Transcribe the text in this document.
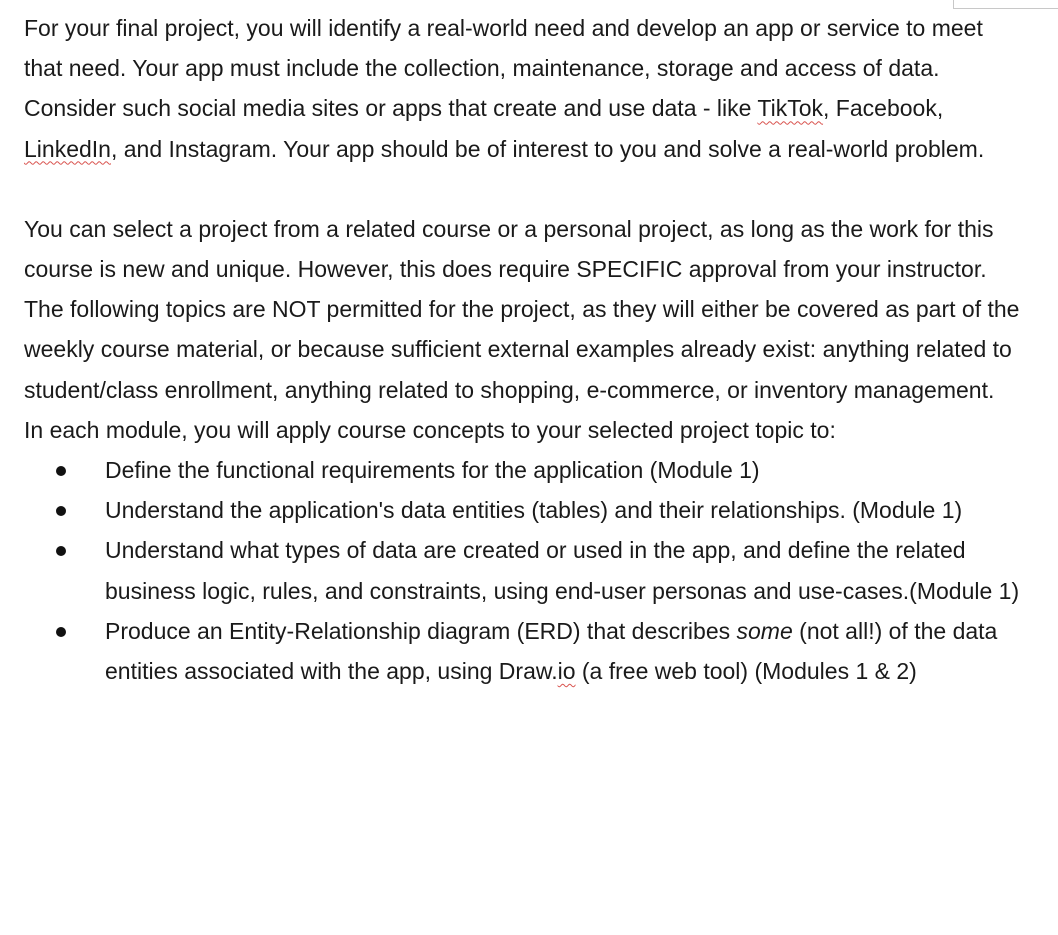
For your final project, you will identify a real-world need and develop an app or service to meet that need. Your app must include the collection, maintenance, storage and access of data. Consider such social media sites or apps that create and use data - like TikTok, Facebook, LinkedIn, and Instagram. Your app should be of interest to you and solve a real-world problem.

You can select a project from a related course or a personal project, as long as the work for this course is new and unique. However, this does require SPECIFIC approval from your instructor.

The following topics are NOT permitted for the project, as they will either be covered as part of the weekly course material, or because sufficient external examples already exist: anything related to student/class enrollment, anything related to shopping, e-commerce, or inventory management.

In each module, you will apply course concepts to your selected project topic to:

Define the functional requirements for the application (Module 1)
Understand the application's data entities (tables) and their relationships. (Module 1)
Understand what types of data are created or used in the app, and define the related business logic, rules, and constraints, using end-user personas and use-cases.(Module 1)
Produce an Entity-Relationship diagram (ERD) that describes some (not all!) of the data entities associated with the app, using Draw.io (a free web tool) (Modules 1 & 2)
